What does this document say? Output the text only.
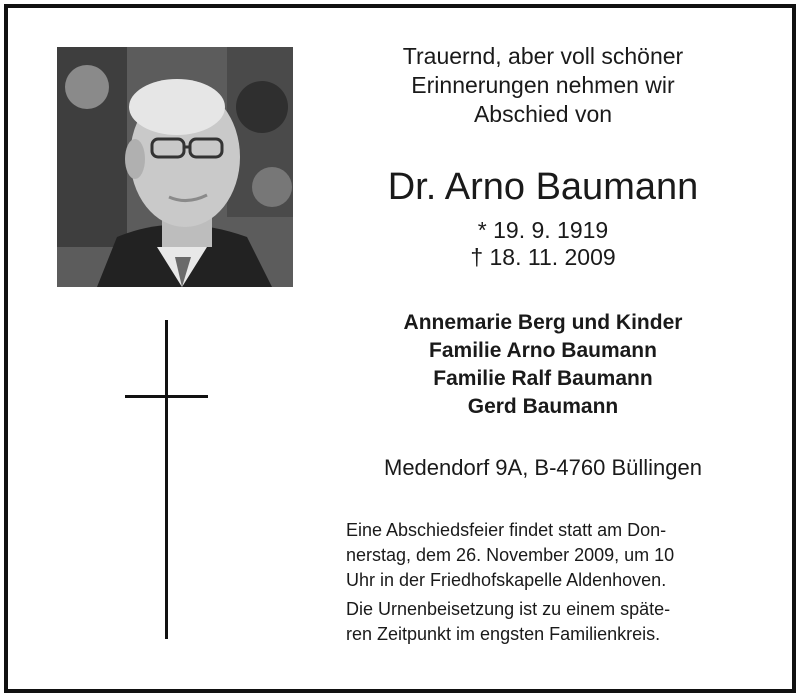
Trauernd, aber voll schöner
Erinnerungen nehmen wir
Abschied von
Dr. Arno Baumann
* 19. 9. 1919
† 18. 11. 2009
Annemarie Berg und Kinder
Familie Arno Baumann
Familie Ralf Baumann
Gerd Baumann
Medendorf 9A, B-4760 Büllingen
Eine Abschiedsfeier findet statt am Don-
nerstag, dem 26. November 2009, um 10
Uhr in der Friedhofskapelle Aldenhoven.
Die Urnenbeisetzung ist zu einem späte-
ren Zeitpunkt im engsten Familienkreis.
